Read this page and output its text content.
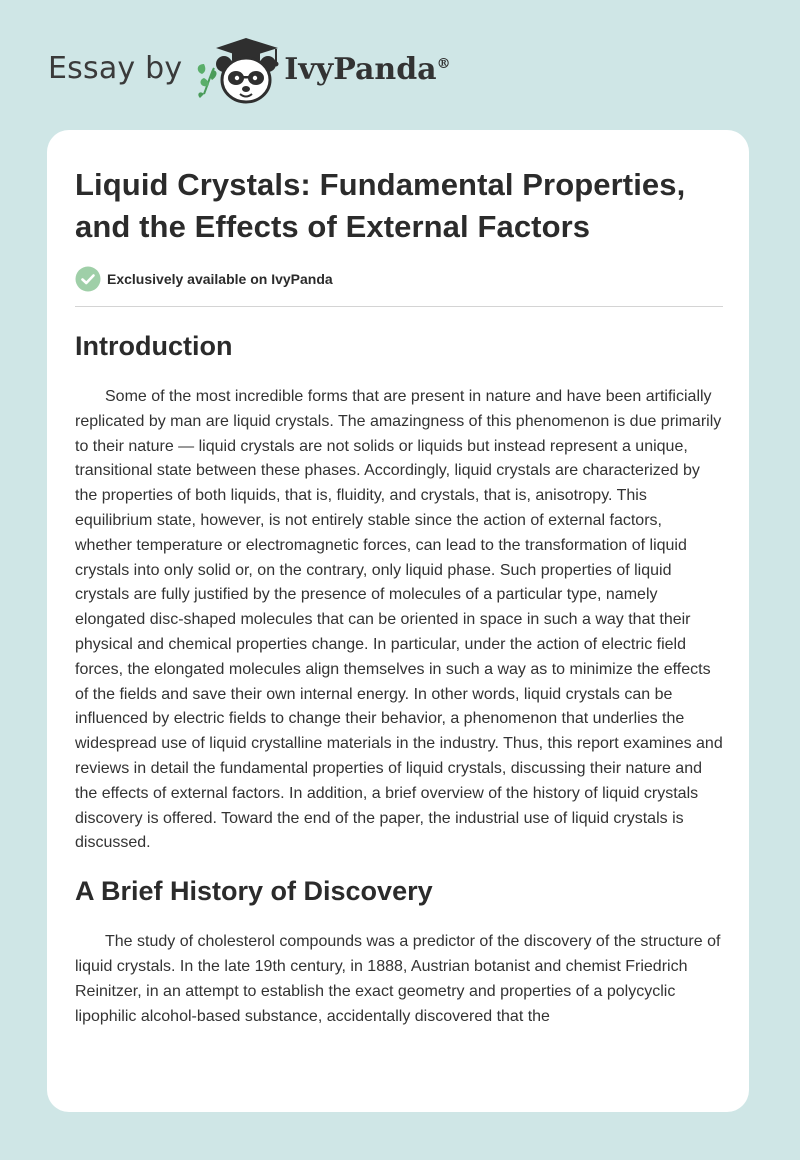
Essay by	IvyPanda®
Liquid Crystals: Fundamental Properties, and the Effects of External Factors
Exclusively available on IvyPanda
Introduction

Some of the most incredible forms that are present in nature and have been artificially replicated by man are liquid crystals. The amazingness of this phenomenon is due primarily to their nature — liquid crystals are not solids or liquids but instead represent a unique, transitional state between these phases. Accordingly, liquid crystals are characterized by the properties of both liquids, that is, fluidity, and crystals, that is, anisotropy. This equilibrium state, however, is not entirely stable since the action of external factors, whether temperature or electromagnetic forces, can lead to the transformation of liquid crystals into only solid or, on the contrary, only liquid phase. Such properties of liquid crystals are fully justified by the presence of molecules of a particular type, namely elongated disc-shaped molecules that can be oriented in space in such a way that their physical and chemical properties change. In particular, under the action of electric field forces, the elongated molecules align themselves in such a way as to minimize the effects of the fields and save their own internal energy. In other words, liquid crystals can be influenced by electric fields to change their behavior, a phenomenon that underlies the widespread use of liquid crystalline materials in the industry. Thus, this report examines and reviews in detail the fundamental properties of liquid crystals, discussing their nature and the effects of external factors. In addition, a brief overview of the history of liquid crystals discovery is offered. Toward the end of the paper, the industrial use of liquid crystals is discussed.

A Brief History of Discovery

The study of cholesterol compounds was a predictor of the discovery of the structure of liquid crystals. In the late 19th century, in 1888, Austrian botanist and chemist Friedrich Reinitzer, in an attempt to establish the exact geometry and properties of a polycyclic lipophilic alcohol-based substance, accidentally discovered that the
